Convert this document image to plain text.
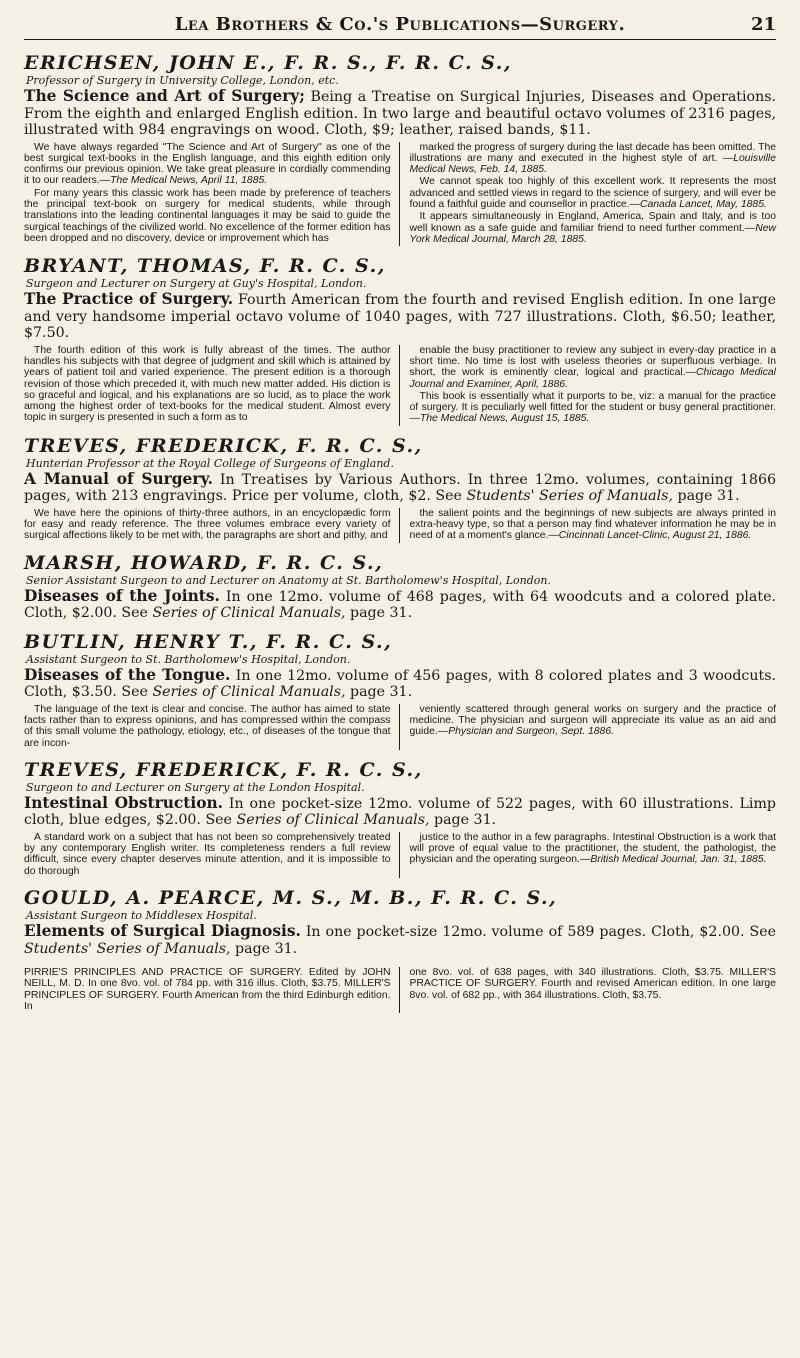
Lea Brothers & Co.'s Publications—Surgery.	21
ERICHSEN, JOHN E., F. R. S., F. R. C. S.,
Professor of Surgery in University College, London, etc.
The Science and Art of Surgery; Being a Treatise on Surgical Injuries, Diseases and Operations. From the eighth and enlarged English edition. In two large and beautiful octavo volumes of 2316 pages, illustrated with 984 engravings on wood. Cloth, $9; leather, raised bands, $11.

We have always regarded "The Science and Art of Surgery" as one of the best surgical text-books in the English language, and this eighth edition only confirms our previous opinion. We take great pleasure in cordially commending it to our readers.—The Medical News, April 11, 1885.

For many years this classic work has been made by preference of teachers the principal text-book on surgery for medical students, while through translations into the leading continental languages it may be said to guide the surgical teachings of the civilized world. No excellence of the former edition has been dropped and no discovery, device or improvement which has

marked the progress of surgery during the last decade has been omitted. The illustrations are many and executed in the highest style of art. —Louisville Medical News, Feb. 14, 1885.

We cannot speak too highly of this excellent work. It represents the most advanced and settled views in regard to the science of surgery, and will ever be found a faithful guide and counsellor in practice.—Canada Lancet, May, 1885.

It appears simultaneously in England, America, Spain and Italy, and is too well known as a safe guide and familiar friend to need further comment.—New York Medical Journal, March 28, 1885.

BRYANT, THOMAS, F. R. C. S.,
Surgeon and Lecturer on Surgery at Guy's Hospital, London.
The Practice of Surgery. Fourth American from the fourth and revised English edition. In one large and very handsome imperial octavo volume of 1040 pages, with 727 illustrations. Cloth, $6.50; leather, $7.50.

The fourth edition of this work is fully abreast of the times. The author handles his subjects with that degree of judgment and skill which is attained by years of patient toil and varied experience. The present edition is a thorough revision of those which preceded it, with much new matter added. His diction is so graceful and logical, and his explanations are so lucid, as to place the work among the highest order of text-books for the medical student. Almost every topic in surgery is presented in such a form as to

enable the busy practitioner to review any subject in every-day practice in a short time. No time is lost with useless theories or superfluous verbiage. In short, the work is eminently clear, logical and practical.—Chicago Medical Journal and Examiner, April, 1886.

This book is essentially what it purports to be, viz: a manual for the practice of surgery. It is peculiarly well fitted for the student or busy general practitioner.—The Medical News, August 15, 1885.

TREVES, FREDERICK, F. R. C. S.,
Hunterian Professor at the Royal College of Surgeons of England.
A Manual of Surgery. In Treatises by Various Authors. In three 12mo. volumes, containing 1866 pages, with 213 engravings. Price per volume, cloth, $2. See Students' Series of Manuals, page 31.

We have here the opinions of thirty-three authors, in an encyclopædic form for easy and ready reference. The three volumes embrace every variety of surgical affections likely to be met with, the paragraphs are short and pithy, and

the salient points and the beginnings of new subjects are always printed in extra-heavy type, so that a person may find whatever information he may be in need of at a moment's glance.—Cincinnati Lancet-Clinic, August 21, 1886.

MARSH, HOWARD, F. R. C. S.,
Senior Assistant Surgeon to and Lecturer on Anatomy at St. Bartholomew's Hospital, London.
Diseases of the Joints. In one 12mo. volume of 468 pages, with 64 woodcuts and a colored plate. Cloth, $2.00. See Series of Clinical Manuals, page 31.
BUTLIN, HENRY T., F. R. C. S.,
Assistant Surgeon to St. Bartholomew's Hospital, London.
Diseases of the Tongue. In one 12mo. volume of 456 pages, with 8 colored plates and 3 woodcuts. Cloth, $3.50. See Series of Clinical Manuals, page 31.

The language of the text is clear and concise. The author has aimed to state facts rather than to express opinions, and has compressed within the compass of this small volume the pathology, etiology, etc., of diseases of the tongue that are incon-

veniently scattered through general works on surgery and the practice of medicine. The physician and surgeon will appreciate its value as an aid and guide.—Physician and Surgeon, Sept. 1886.

TREVES, FREDERICK, F. R. C. S.,
Surgeon to and Lecturer on Surgery at the London Hospital.
Intestinal Obstruction. In one pocket-size 12mo. volume of 522 pages, with 60 illustrations. Limp cloth, blue edges, $2.00. See Series of Clinical Manuals, page 31.

A standard work on a subject that has not been so comprehensively treated by any contemporary English writer. Its completeness renders a full review difficult, since every chapter deserves minute attention, and it is impossible to do thorough

justice to the author in a few paragraphs. Intestinal Obstruction is a work that will prove of equal value to the practitioner, the student, the pathologist, the physician and the operating surgeon.—British Medical Journal, Jan. 31, 1885.

GOULD, A. PEARCE, M. S., M. B., F. R. C. S.,
Assistant Surgeon to Middlesex Hospital.
Elements of Surgical Diagnosis. In one pocket-size 12mo. volume of 589 pages. Cloth, $2.00. See Students' Series of Manuals, page 31.

PIRRIE'S PRINCIPLES AND PRACTICE OF SURGERY. Edited by JOHN NEILL, M. D. In one 8vo. vol. of 784 pp. with 316 illus. Cloth, $3.75. MILLER'S PRINCIPLES OF SURGERY. Fourth American from the third Edinburgh edition. In

one 8vo. vol. of 638 pages, with 340 illustrations. Cloth, $3.75. MILLER'S PRACTICE OF SURGERY. Fourth and revised American edition. In one large 8vo. vol. of 682 pp., with 364 illustrations. Cloth, $3.75.
